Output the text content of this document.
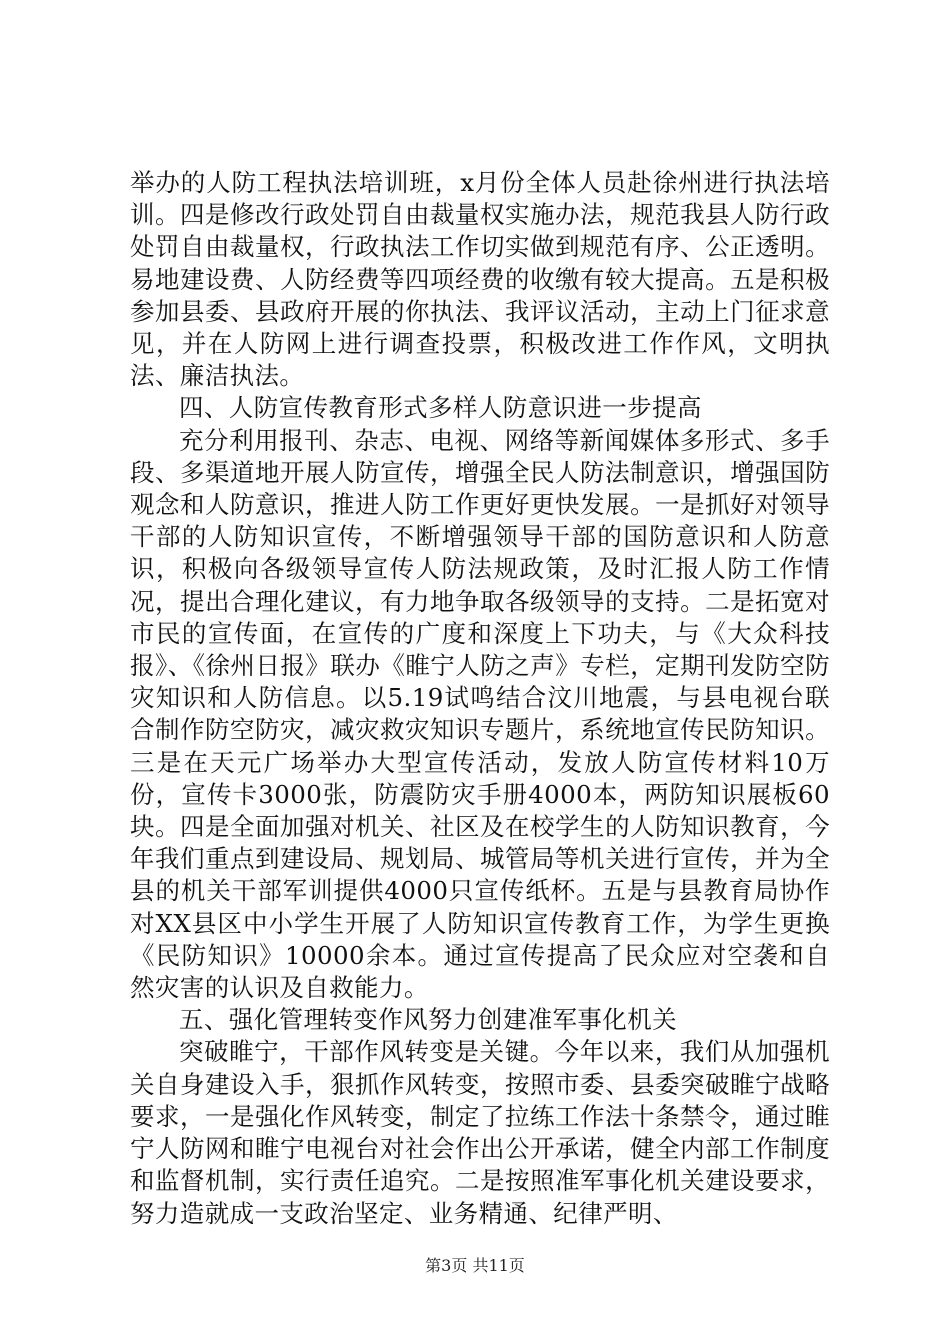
举办的人防工程执法培训班，x月份全体人员赴徐州进行执法培训。四是修改行政处罚自由裁量权实施办法，规范我县人防行政处罚自由裁量权，行政执法工作切实做到规范有序、公正透明。易地建设费、人防经费等四项经费的收缴有较大提高。五是积极参加县委、县政府开展的你执法、我评议活动，主动上门征求意见，并在人防网上进行调查投票，积极改进工作作风，文明执法、廉洁执法。

四、人防宣传教育形式多样人防意识进一步提高

充分利用报刊、杂志、电视、网络等新闻媒体多形式、多手段、多渠道地开展人防宣传，增强全民人防法制意识，增强国防观念和人防意识，推进人防工作更好更快发展。一是抓好对领导干部的人防知识宣传，不断增强领导干部的国防意识和人防意识，积极向各级领导宣传人防法规政策，及时汇报人防工作情况，提出合理化建议，有力地争取各级领导的支持。二是拓宽对市民的宣传面，在宣传的广度和深度上下功夫，与《大众科技报》、《徐州日报》联办《睢宁人防之声》专栏，定期刊发防空防灾知识和人防信息。以5.19试鸣结合汶川地震，与县电视台联合制作防空防灾，减灾救灾知识专题片，系统地宣传民防知识。三是在天元广场举办大型宣传活动，发放人防宣传材料10万份，宣传卡3000张，防震防灾手册4000本，两防知识展板60块。四是全面加强对机关、社区及在校学生的人防知识教育，今年我们重点到建设局、规划局、城管局等机关进行宣传，并为全县的机关干部军训提供4000只宣传纸杯。五是与县教育局协作对XX县区中小学生开展了人防知识宣传教育工作，为学生更换《民防知识》10000余本。通过宣传提高了民众应对空袭和自然灾害的认识及自救能力。

五、强化管理转变作风努力创建准军事化机关

突破睢宁，干部作风转变是关键。今年以来，我们从加强机关自身建设入手，狠抓作风转变，按照市委、县委突破睢宁战略要求，一是强化作风转变，制定了拉练工作法十条禁令，通过睢宁人防网和睢宁电视台对社会作出公开承诺，健全内部工作制度和监督机制，实行责任追究。二是按照准军事化机关建设要求，努力造就成一支政治坚定、业务精通、纪律严明、

第3页 共11页
